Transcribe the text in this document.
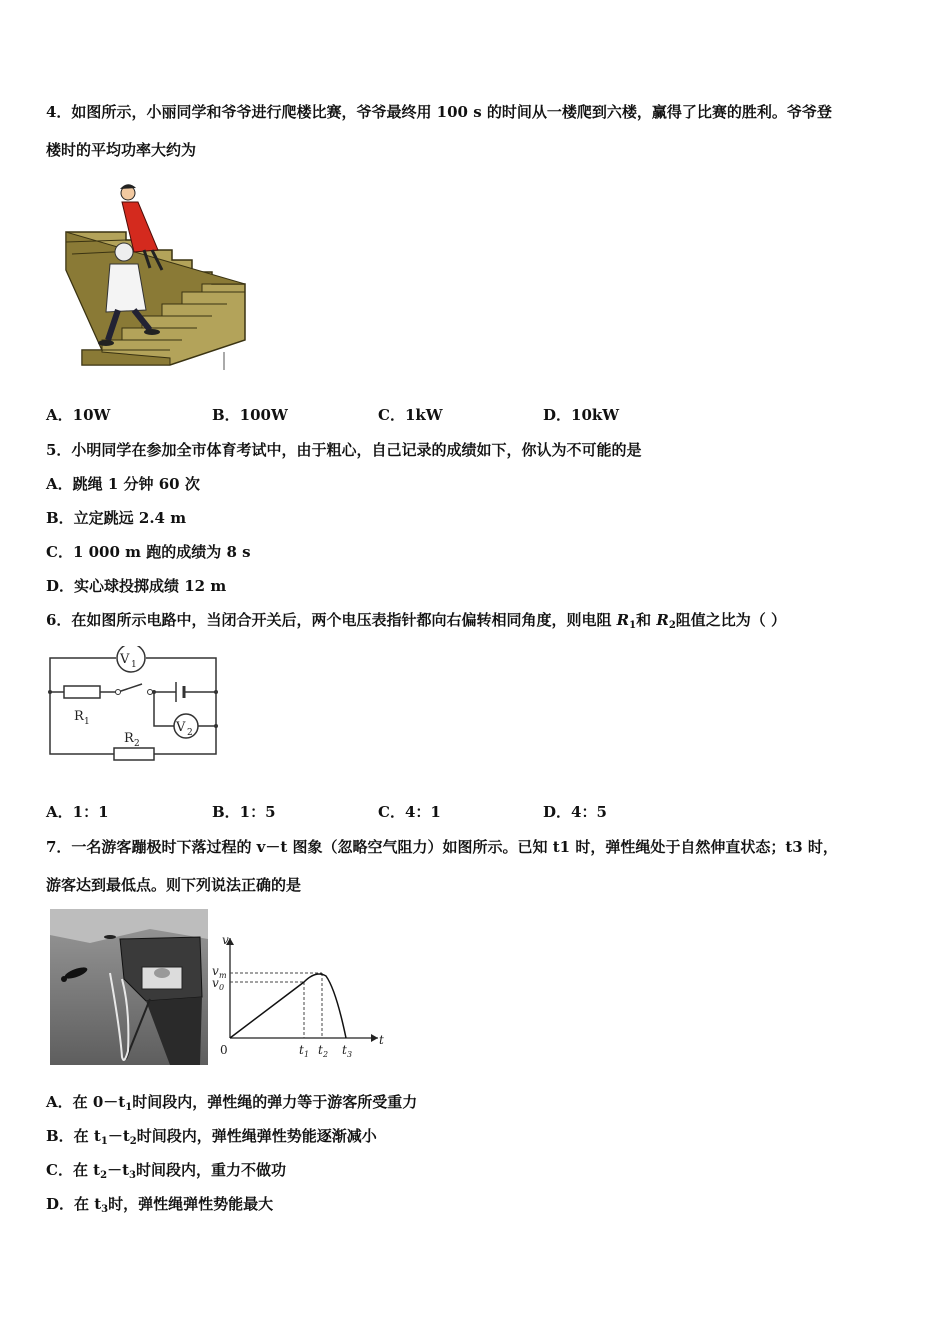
4．如图所示，小丽同学和爷爷进行爬楼比赛，爷爷最终用 100 s 的时间从一楼爬到六楼，赢得了比赛的胜利。爷爷登
楼时的平均功率大约为
A．10W	B．100W	C．1kW	D．10kW
5．小明同学在参加全市体育考试中，由于粗心，自己记录的成绩如下，你认为不可能的是
A．跳绳 1 分钟 60 次
B．立定跳远 2.4 m
C．1 000 m 跑的成绩为 8 s
D．实心球投掷成绩 12 m
6．在如图所示电路中，当闭合开关后，两个电压表指针都向右偏转相同角度，则电阻 $R_1$和 $R_2$阻值之比为（ ）
V 1
V 2
R 1
R 2
A．1：1	B．1：5	C．4：1	D．4：5
7．一名游客蹦极时下落过程的 v－t 图象（忽略空气阻力）如图所示。已知 t1 时，弹性绳处于自然伸直状态；t3 时，
游客达到最低点。则下列说法正确的是
v
t
0
v m
v 0
t 1 t 2 t 3
A．在 $0-t_1$时间段内，弹性绳的弹力等于游客所受重力
B．在 $t_1-t_2$时间段内，弹性绳弹性势能逐渐减小
C．在 $t_2-t_3$时间段内，重力不做功
D．在 $t_3$时，弹性绳弹性势能最大
